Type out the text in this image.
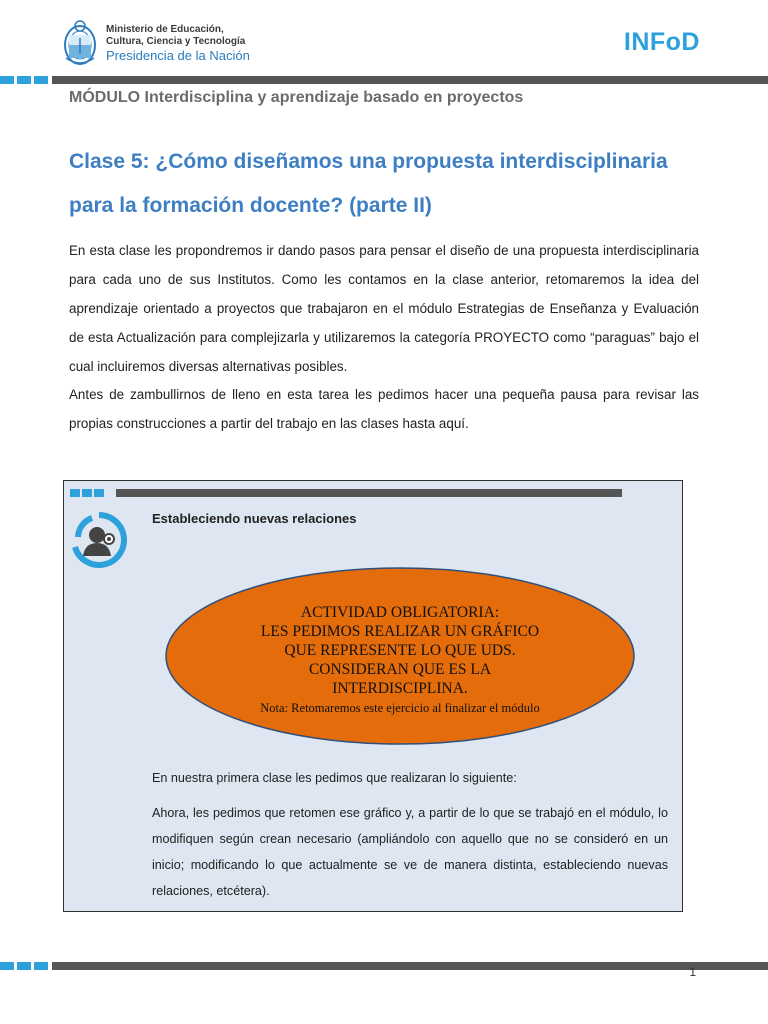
Ministerio de Educación,
Cultura, Ciencia y Tecnología
Presidencia de la Nación	INFoD
MÓDULO Interdisciplina y aprendizaje basado en proyectos
Clase 5: ¿Cómo diseñamos una propuesta interdisciplinaria para la formación docente? (parte II)
En esta clase les propondremos ir dando pasos para pensar el diseño de una propuesta interdisciplinaria para cada uno de sus Institutos. Como les contamos en la clase anterior, retomaremos la idea del aprendizaje orientado a proyectos que trabajaron en el módulo Estrategias de Enseñanza y Evaluación de esta Actualización para complejizarla y utilizaremos la categoría PROYECTO como “paraguas” bajo el cual incluiremos diversas alternativas posibles.
Antes de zambullirnos de lleno en esta tarea les pedimos hacer una pequeña pausa para revisar las propias construcciones a partir del trabajo en las clases hasta aquí.
Estableciendo nuevas relaciones
ACTIVIDAD OBLIGATORIA:
LES PEDIMOS REALIZAR UN GRÁFICO
QUE REPRESENTE LO QUE UDS.
CONSIDERAN QUE ES LA
INTERDISCIPLINA.
Nota: Retomaremos este ejercicio al finalizar el módulo
En nuestra primera clase les pedimos que realizaran lo siguiente:
Ahora, les pedimos que retomen ese gráfico y, a partir de lo que se trabajó en el módulo, lo modifiquen según crean necesario (ampliándolo con aquello que no se consideró en un inicio; modificando lo que actualmente se ve de manera distinta, estableciendo nuevas relaciones, etcétera).
1
